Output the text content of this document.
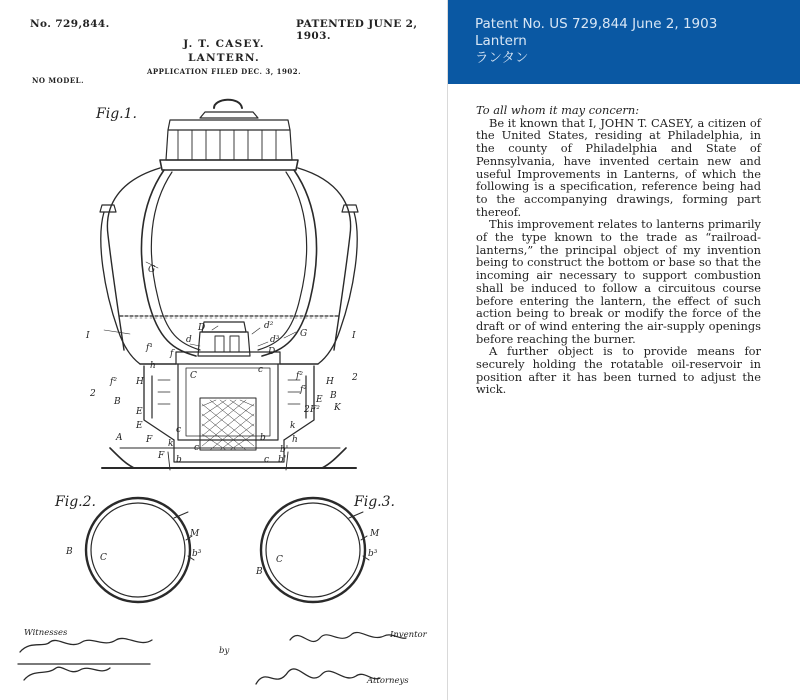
No. 729,844.	PATENTED JUNE 2, 1903.
J. T. CASEY.
LANTERN.
APPLICATION FILED DEC. 3, 1902.
NO MODEL.
D	d²
d	d³
G
I	I
f¹
f
h
f²
f²
2
2
H	H
B
B
E
E
F² K
F
c
c
c
C
A
k
k
h
b
b'
b'
F
f²
2
E
D
G
b
c
M
B
C	b³
M
B
C
b³
Fig.1.
Fig.2.	Fig.3.
Witnesses
by
Inventor
Attorneys
Patent No. US 729,844 June 2, 1903
Lantern
ランタン

To all whom it may concern:

Be it known that I, JOHN T. CASEY, a citizen of the United States, residing at Philadelphia, in the county of Philadelphia and State of Pennsylvania, have invented certain new and useful Improvements in Lanterns, of which the following is a specification, reference being had to the accompanying drawings, forming part thereof.

This improvement relates to lanterns primarily of the type known to the trade as “railroad-lanterns,” the principal object of my invention being to construct the bottom or base so that the incoming air necessary to support combustion shall be induced to follow a circuitous course before entering the lantern, the effect of such action being to break or modify the force of the draft or of wind entering the air-supply openings before reaching the burner.

A further object is to provide means for securely holding the rotatable oil-reservoir in position after it has been turned to adjust the wick.
